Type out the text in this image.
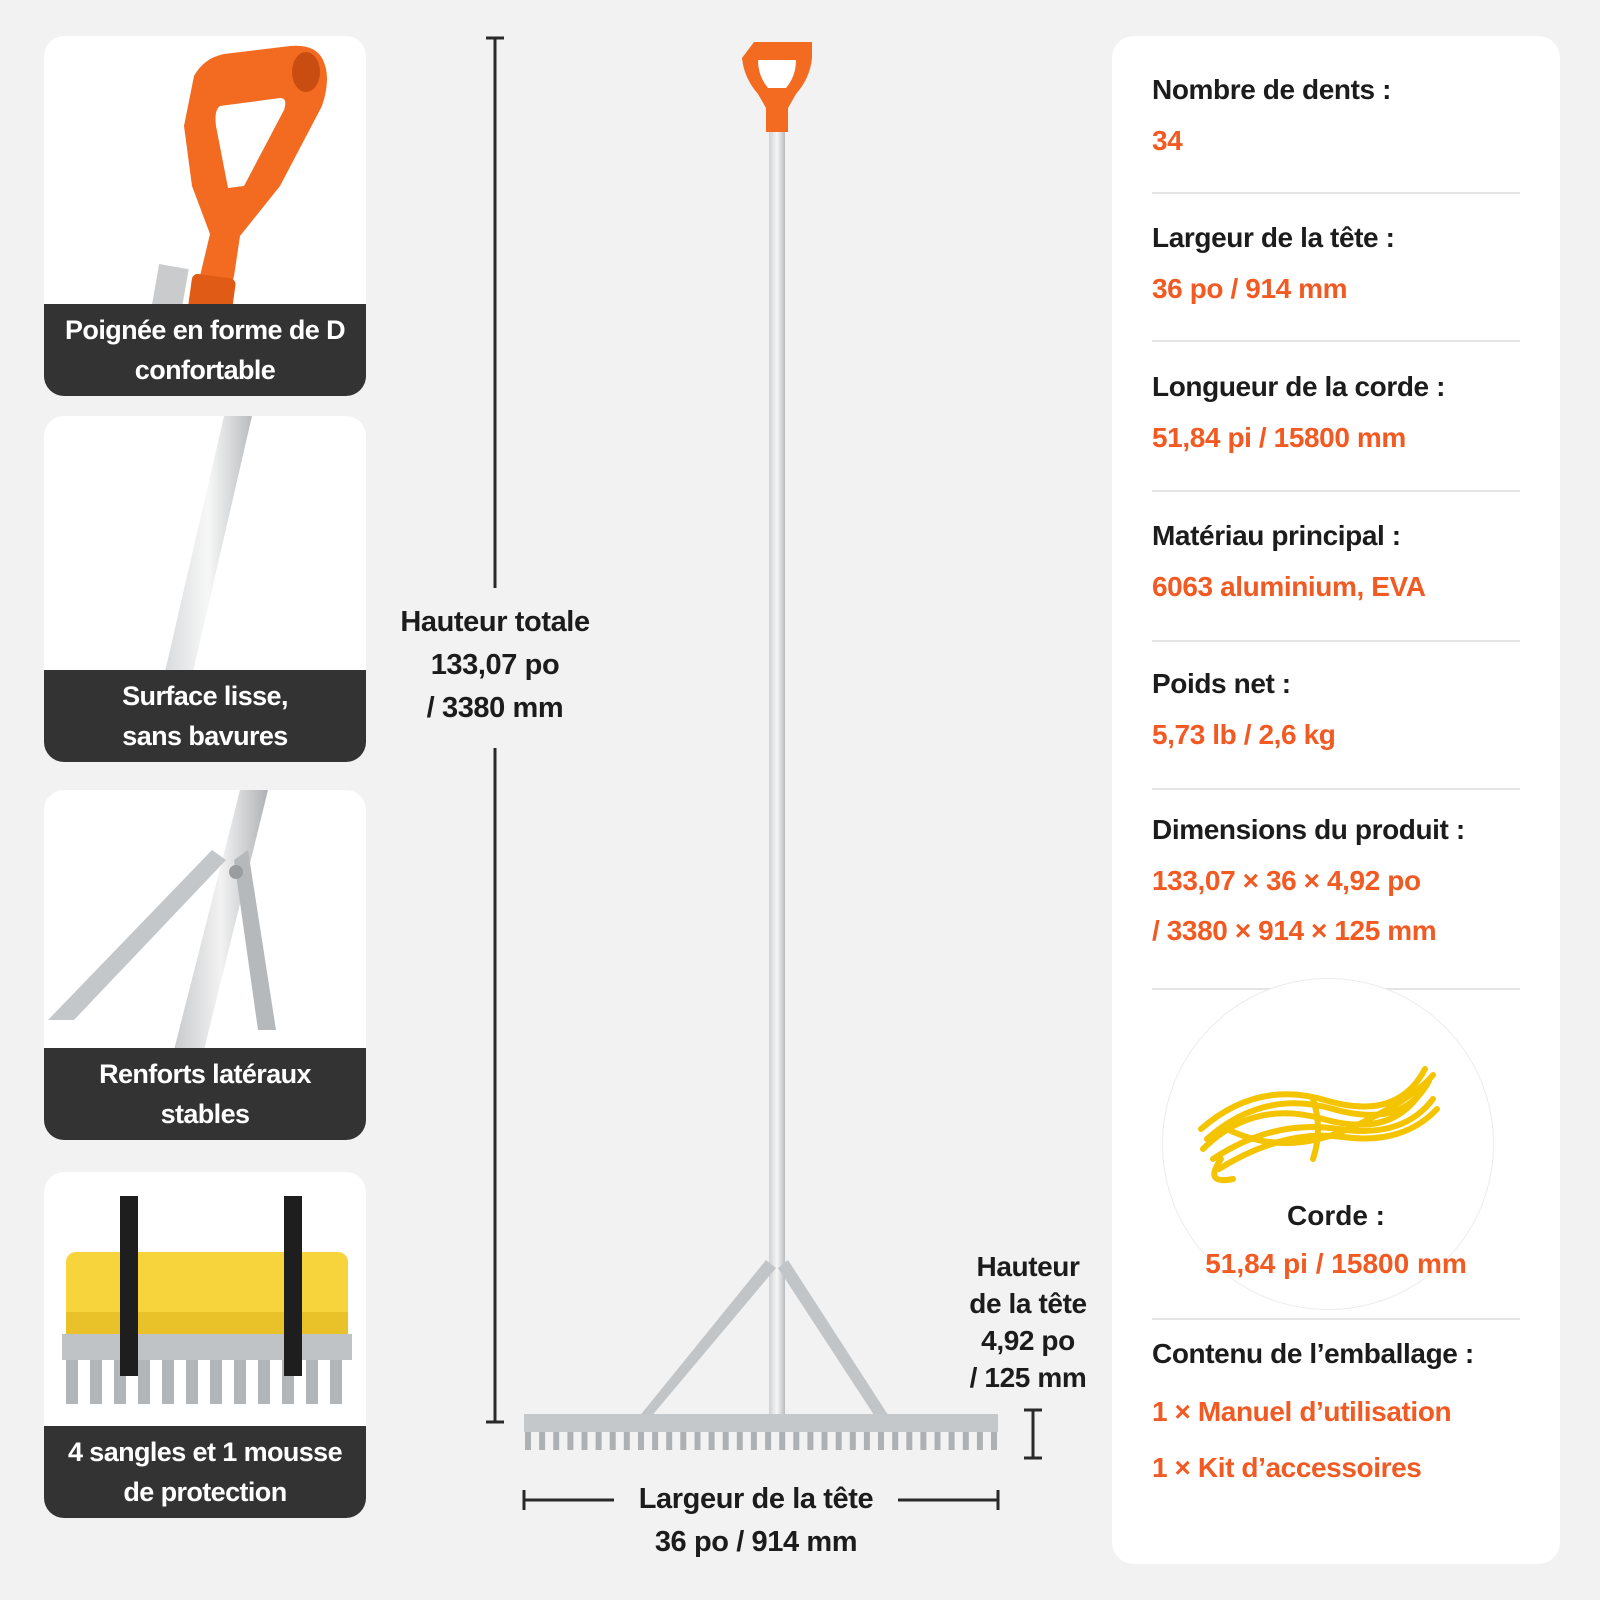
Poignée en forme de D
confortable
Surface lisse,
sans bavures
Renforts latéraux
stables
4 sangles et 1 mousse
de protection
Hauteur totale
133,07 po
/ 3380 mm
Hauteur
de la tête
4,92 po
/ 125 mm
Largeur de la tête
36 po / 914 mm
Nombre de dents :
34
Largeur de la tête :
36 po / 914 mm
Longueur de la corde :
51,84 pi / 15800 mm
Matériau principal :
6063 aluminium, EVA
Poids net :
5,73 lb / 2,6 kg
Dimensions du produit :
133,07 × 36 × 4,92 po
/ 3380 × 914 × 125 mm
Corde :
51,84 pi / 15800 mm
Contenu de l’emballage :
1 × Manuel d’utilisation
1 × Kit d’accessoires
